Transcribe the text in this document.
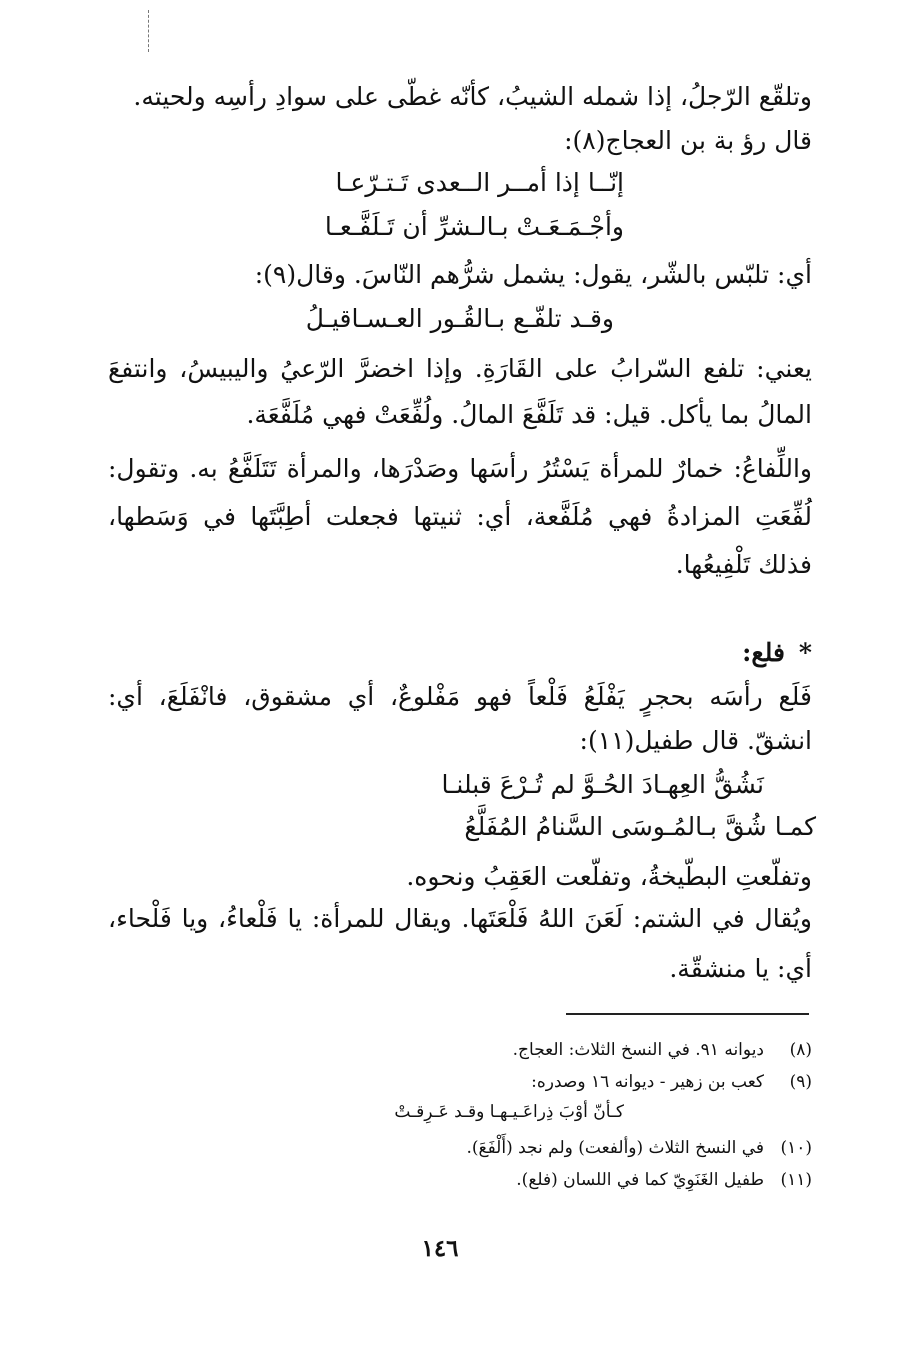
وتلقّع الرّجلُ، إذا شمله الشيبُ، كأنّه غطّى على سوادِ رأسِه ولحيته.
قال رؤ بة بن العجاج(٨):
إنّــا إذا أمــر الــعدى تَـتـرّعـا
وأجْـمَـعَـتْ بـالـشرِّ أن تَـلَفَّـعـا
أي: تلبّس بالشّر، يقول: يشمل شرُّهم النّاسَ. وقال(٩):
وقـد تلفّـع بـالقُـور العـسـاقيـلُ
يعني: تلفع السّرابُ على القَارَةِ. وإذا اخضرَّ الرّعيُ واليبيسُ، وانتفعَ
المالُ بما يأكل. قيل: قد تَلَفَّعَ المالُ. ولُفِّعَتْ فهي مُلَفَّعَة.
واللِّفاعُ: خمارٌ للمرأة يَسْتُرُ رأسَها وصَدْرَها، والمرأة تَتَلَفَّعُ به. وتقول:
لُفِّعَتِ المزادةُ فهي مُلَفَّعة، أي: ثنيتها فجعلت أطِبَّتَها في وَسَطها،
فذلك تَلْفِيعُها.
*فلع:
فَلَع رأسَه بحجرٍ يَفْلَعُ فَلْعاً فهو مَفْلوعٌ، أي مشقوق، فانْفَلَعَ، أي:
انشقّ. قال طفيل(١١):
نَشُقُّ العِهـادَ الحُـوَّ لم تُـرْعَ قبلنـا
كمـا شُقَّ بـالمُـوسَى السَّنامُ المُفَلَّعُ
وتفلّعتِ البطّيخةُ، وتفلّعت العَقِبُ ونحوه.
ويُقال في الشتم: لَعَنَ اللهُ فَلْعَتَها. ويقال للمرأة: يا فَلْعاءُ، ويا فَلْحاء،
أي: يا منشقّة.
(٨)ديوانه ٩١. في النسخ الثلاث: العجاج.
(٩)كعب بن زهير - ديوانه ١٦ وصدره:
كـأنّ أوْبَ ذِراعَـيـهـا وقـد عَـرِقـتْ
(١٠)في النسخ الثلاث (وألفعت) ولم نجد (أَلْفَعَ).
(١١)طفيل الغَنَوِيّ كما في اللسان (فلع).
١٤٦
